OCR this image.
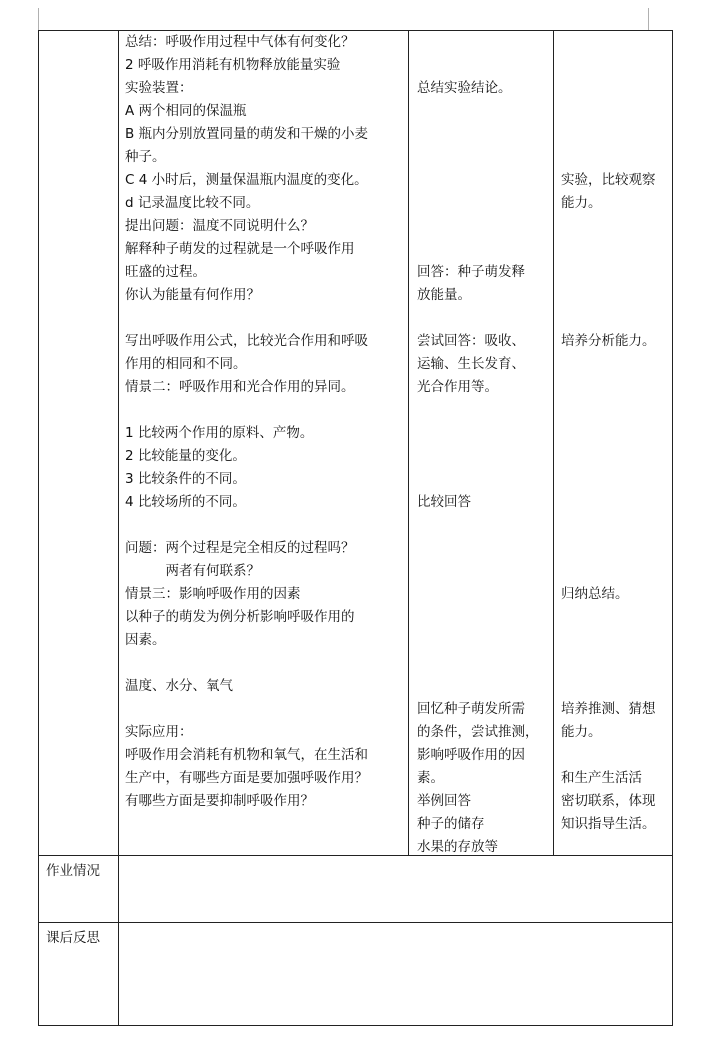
总结：呼吸作用过程中气体有何变化？
2 呼吸作用消耗有机物释放能量实验
实验装置：
A 两个相同的保温瓶
B 瓶内分别放置同量的萌发和干燥的小麦
种子。
C 4 小时后，测量保温瓶内温度的变化。
d 记录温度比较不同。
提出问题：温度不同说明什么？
解释种子萌发的过程就是一个呼吸作用
旺盛的过程。
你认为能量有何作用？
写出呼吸作用公式，比较光合作用和呼吸
作用的相同和不同。
情景二：呼吸作用和光合作用的异同。
1 比较两个作用的原料、产物。
2 比较能量的变化。
3 比较条件的不同。
4 比较场所的不同。
问题：两个过程是完全相反的过程吗？
　　　两者有何联系？
情景三：影响呼吸作用的因素
以种子的萌发为例分析影响呼吸作用的
因素。
温度、水分、氧气
实际应用：
呼吸作用会消耗有机物和氧气，在生活和
生产中，有哪些方面是要加强呼吸作用？
有哪些方面是要抑制呼吸作用？
总结实验结论。
回答：种子萌发释
放能量。
尝试回答：吸收、
运输、生长发育、
光合作用等。
比较回答
回忆种子萌发所需
的条件，尝试推测，
影响呼吸作用的因
素。
举例回答
种子的储存
水果的存放等
实验，比较观察
能力。
培养分析能力。
归纳总结。
培养推测、猜想
能力。
和生产生活活
密切联系，体现
知识指导生活。
作业情况
课后反思
